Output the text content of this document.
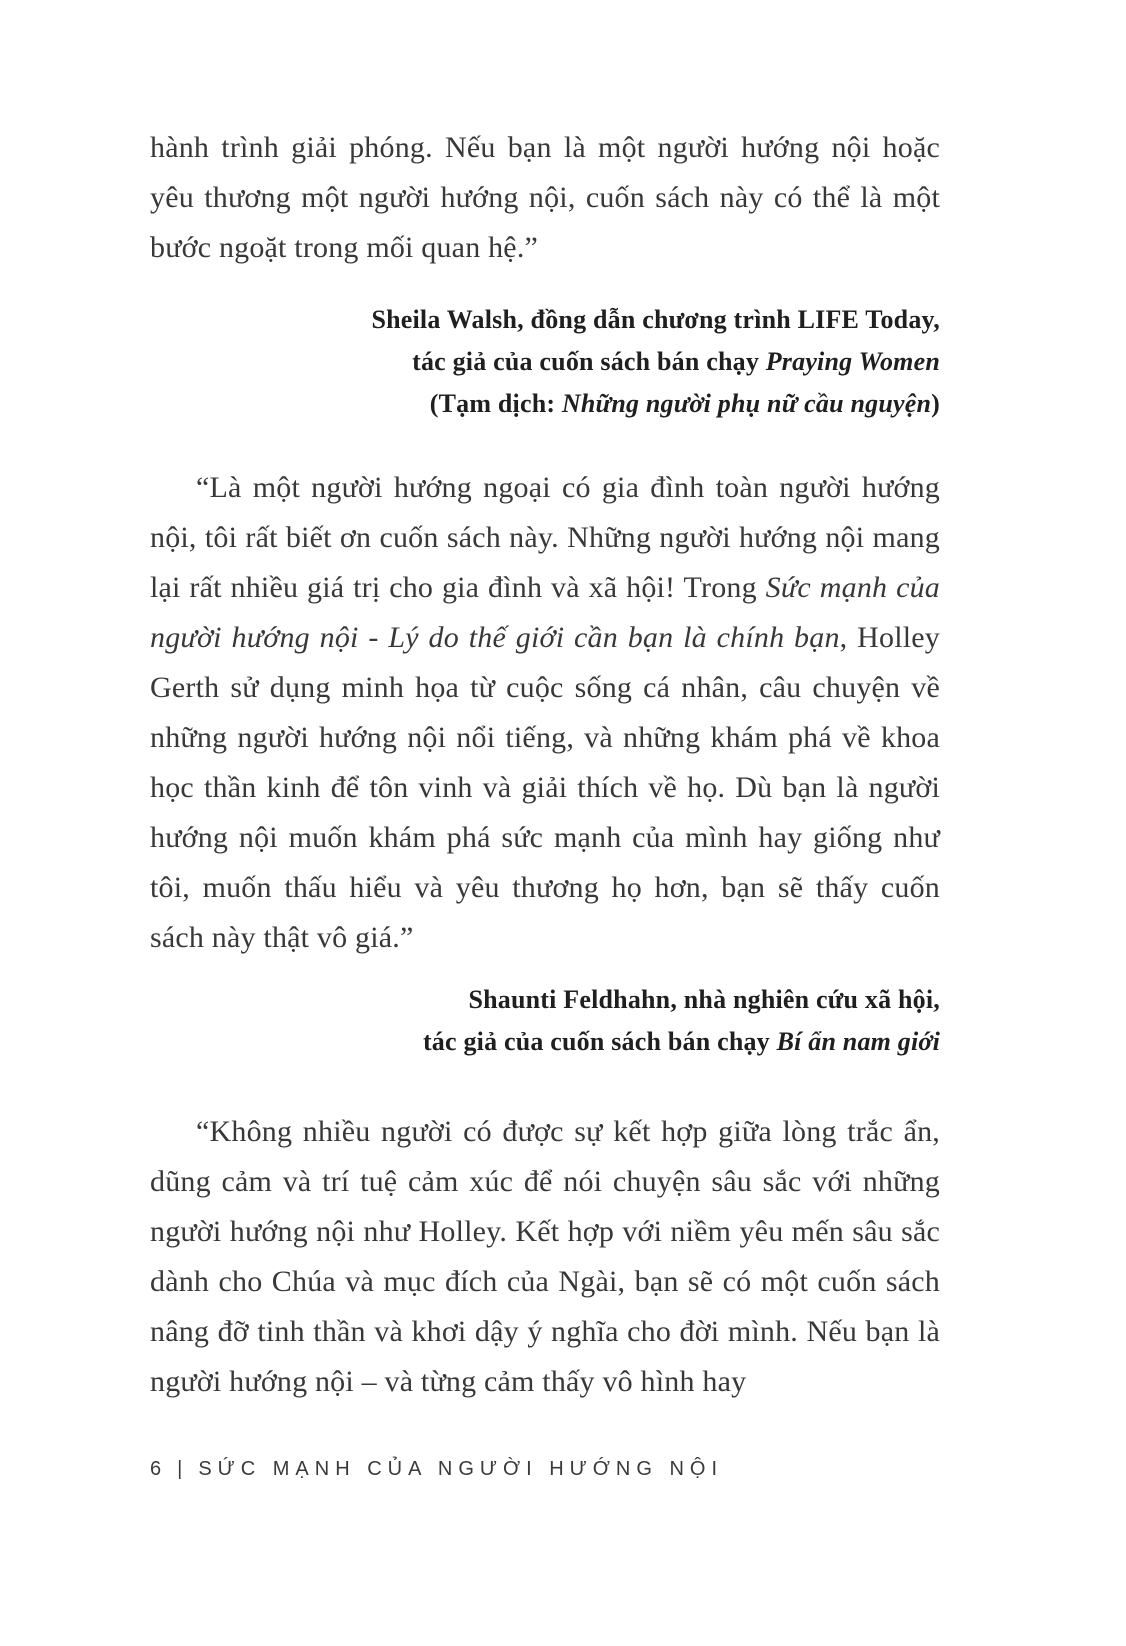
hành trình giải phóng. Nếu bạn là một người hướng nội hoặc yêu thương một người hướng nội, cuốn sách này có thể là một bước ngoặt trong mối quan hệ.”

Sheila Walsh, đồng dẫn chương trình LIFE Today,
tác giả của cuốn sách bán chạy Praying Women
(Tạm dịch: Những người phụ nữ cầu nguyện)

“Là một người hướng ngoại có gia đình toàn người hướng nội, tôi rất biết ơn cuốn sách này. Những người hướng nội mang lại rất nhiều giá trị cho gia đình và xã hội! Trong Sức mạnh của người hướng nội - Lý do thế giới cần bạn là chính bạn, Holley Gerth sử dụng minh họa từ cuộc sống cá nhân, câu chuyện về những người hướng nội nổi tiếng, và những khám phá về khoa học thần kinh để tôn vinh và giải thích về họ. Dù bạn là người hướng nội muốn khám phá sức mạnh của mình hay giống như tôi, muốn thấu hiểu và yêu thương họ hơn, bạn sẽ thấy cuốn sách này thật vô giá.”

Shaunti Feldhahn, nhà nghiên cứu xã hội,
tác giả của cuốn sách bán chạy Bí ẩn nam giới

“Không nhiều người có được sự kết hợp giữa lòng trắc ẩn, dũng cảm và trí tuệ cảm xúc để nói chuyện sâu sắc với những người hướng nội như Holley. Kết hợp với niềm yêu mến sâu sắc dành cho Chúa và mục đích của Ngài, bạn sẽ có một cuốn sách nâng đỡ tinh thần và khơi dậy ý nghĩa cho đời mình. Nếu bạn là người hướng nội – và từng cảm thấy vô hình hay

6 | SỨC MẠNH CỦA NGƯỜI HƯỚNG NỘI
